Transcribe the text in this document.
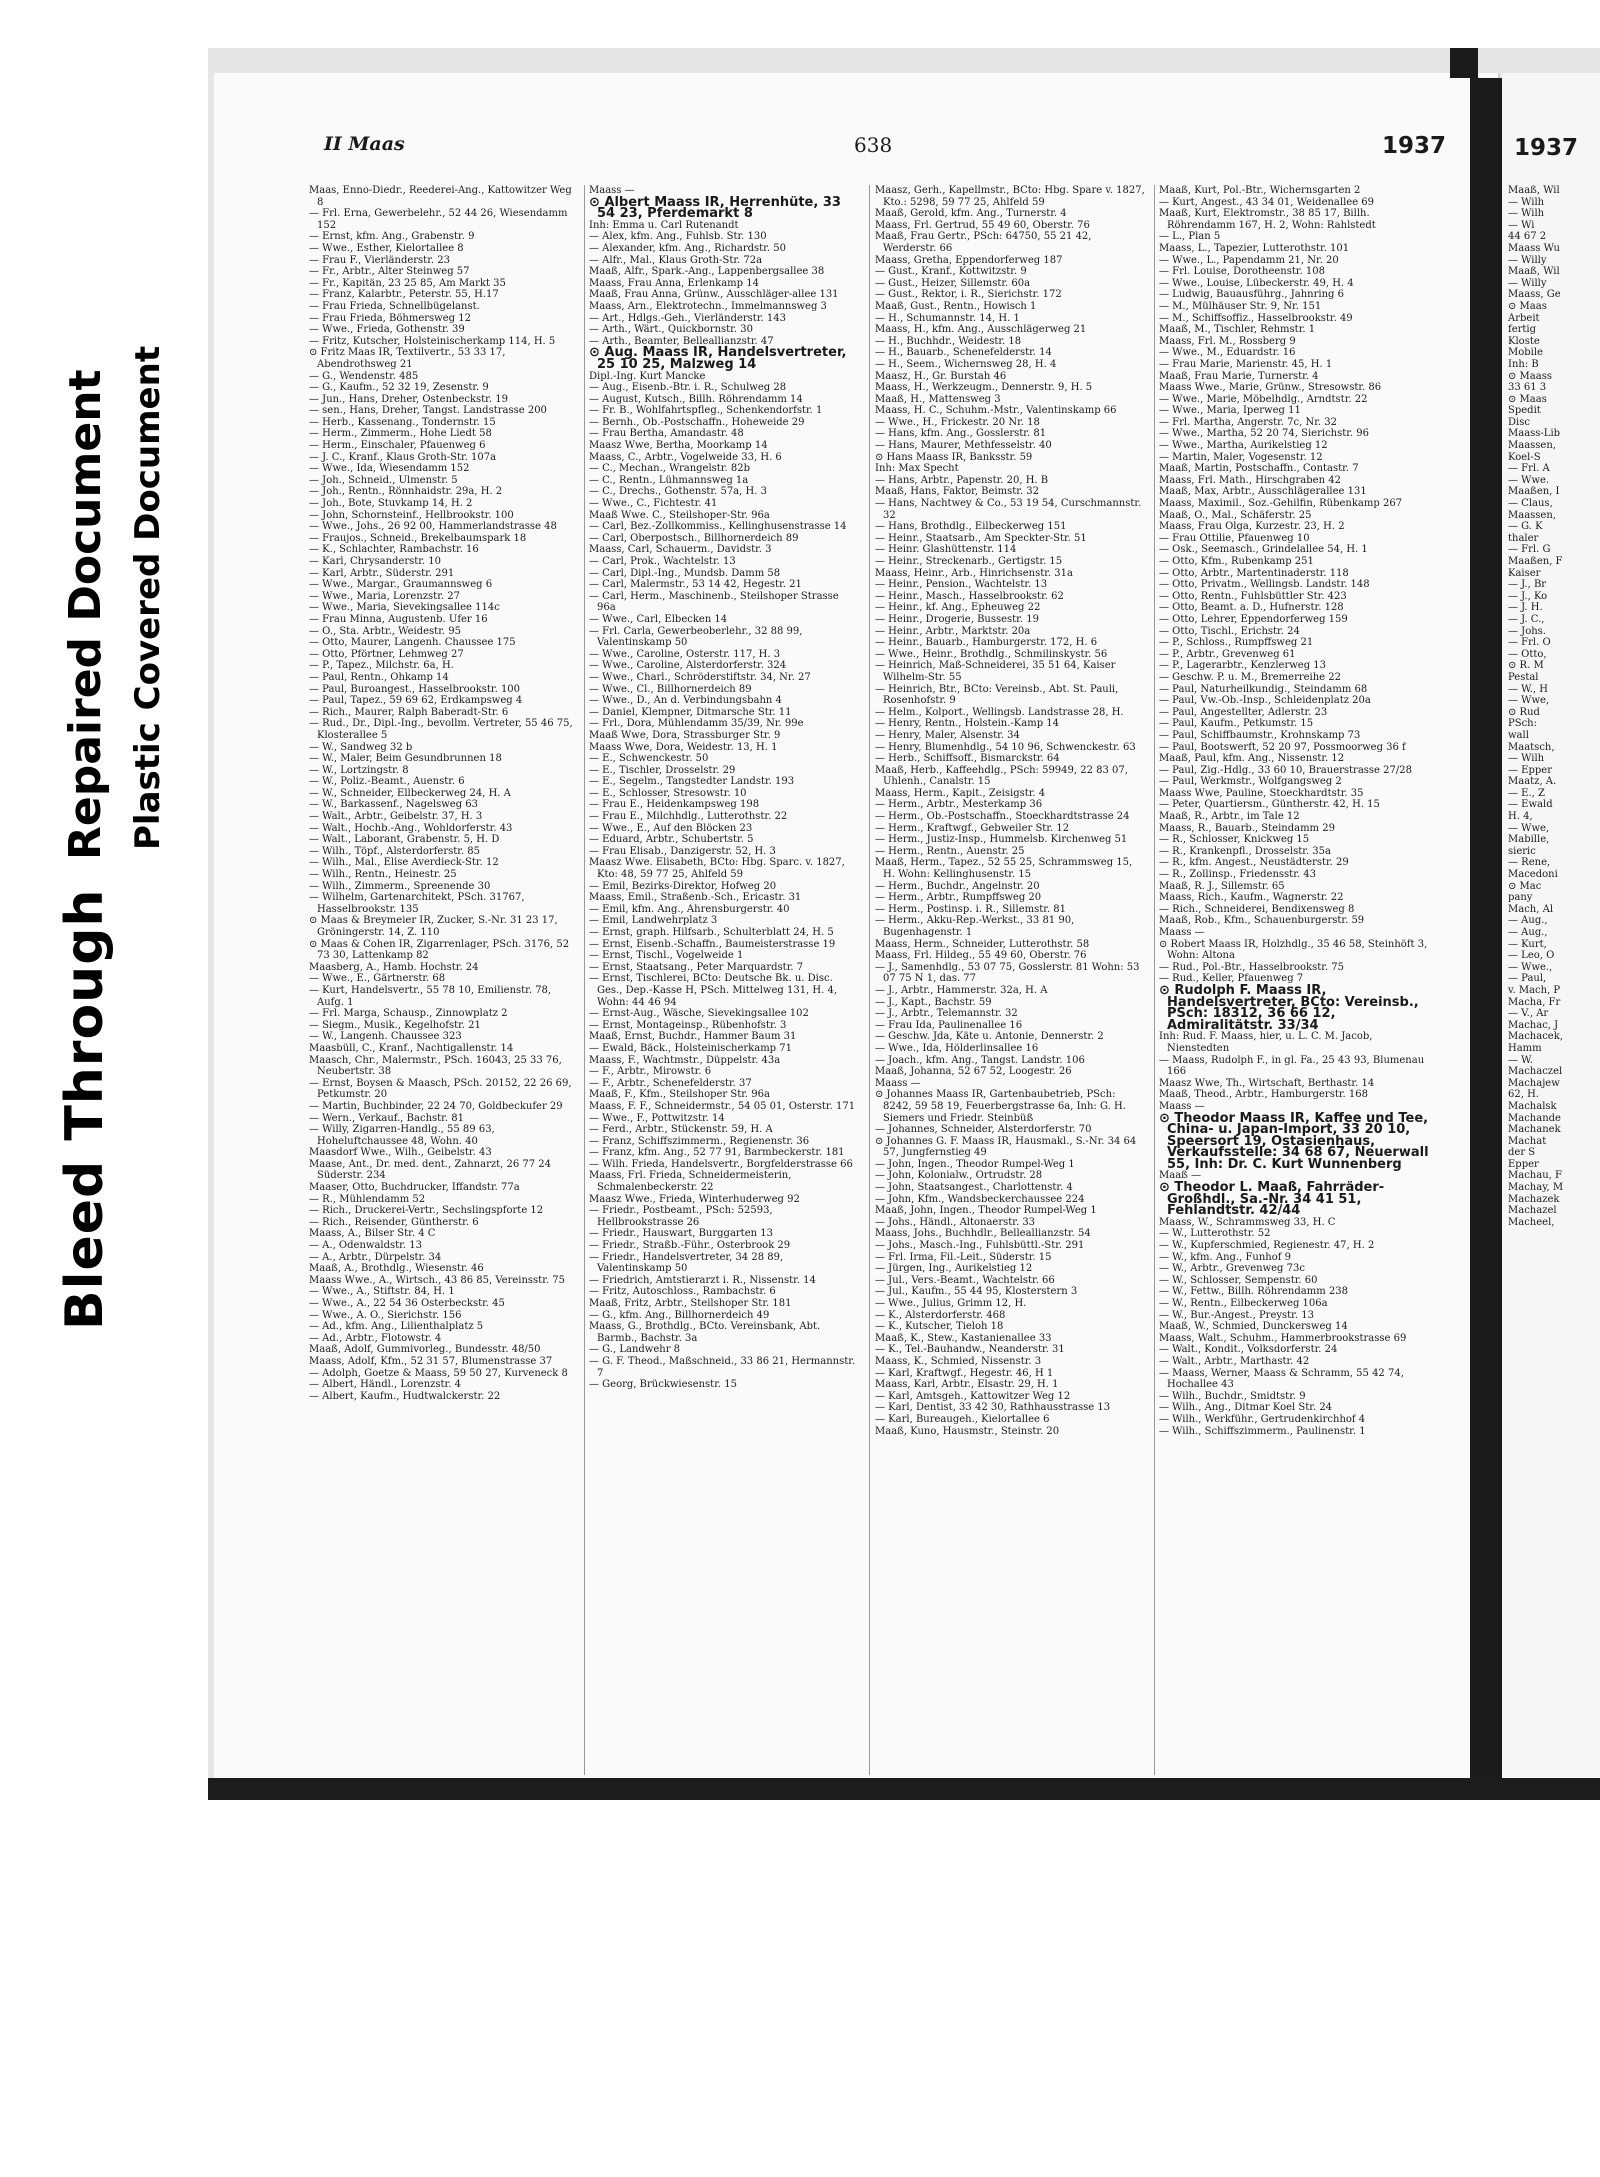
Bleed Through
Repaired Document Plastic Covered Document
II Maas	638	1937

Maas, Enno-Diedr., Reederei-Ang., Kattowitzer Weg 8

— Frl. Erna, Gewerbelehr., 52 44 26, Wiesendamm 152

— Ernst, kfm. Ang., Grabenstr. 9

— Wwe., Esther, Kielortallee 8

— Frau F., Vierländerstr. 23

— Fr., Arbtr., Alter Steinweg 57

— Fr., Kapitän, 23 25 85, Am Markt 35

— Franz, Kalarbtr., Peterstr. 55, H.17

— Frau Frieda, Schnellbügelanst.

— Frau Frieda, Böhmersweg 12

— Wwe., Frieda, Gothenstr. 39

— Fritz, Kutscher, Holsteinischerkamp 114, H. 5

⊙ Fritz Maas IR, Textilvertr., 53 33 17, Abendrothsweg 21

— G., Wendenstr. 485

— G., Kaufm., 52 32 19, Zesenstr. 9

— Jun., Hans, Dreher, Ostenbeckstr. 19

— sen., Hans, Dreher, Tangst. Landstrasse 200

— Herb., Kassenang., Tondernstr. 15

— Herm., Zimmerm., Hohe Liedt 58

— Herm., Einschaler, Pfauenweg 6

— J. C., Kranf., Klaus Groth-Str. 107a

— Wwe., Ida, Wiesendamm 152

— Joh., Schneid., Ulmenstr. 5

— Joh., Rentn., Rönnhaidstr. 29a, H. 2

— Joh., Bote, Stuvkamp 14, H. 2

— John, Schornsteinf., Hellbrookstr. 100

— Wwe., Johs., 26 92 00, Hammerlandstrasse 48

— Fraujos., Schneid., Brekelbaumspark 18

— K., Schlachter, Rambachstr. 16

— Karl, Chrysanderstr. 10

— Karl, Arbtr., Süderstr. 291

— Wwe., Margar., Graumannsweg 6

— Wwe., Maria, Lorenzstr. 27

— Wwe., Maria, Sievekingsallee 114c

— Frau Minna, Augustenb. Ufer 16

— O., Sta. Arbtr., Weidestr. 95

— Otto, Maurer, Langenh. Chaussee 175

— Otto, Pförtner, Lehmweg 27

— P., Tapez., Milchstr. 6a, H.

— Paul, Rentn., Ohkamp 14

— Paul, Buroangest., Hasselbrookstr. 100

— Paul, Tapez., 59 69 62, Erdkampsweg 4

— Rich., Maurer, Ralph Baberadt-Str. 6

— Rud., Dr., Dipl.-Ing., bevollm. Vertreter, 55 46 75, Klosterallee 5

— W., Sandweg 32 b

— W., Maler, Beim Gesundbrunnen 18

— W., Lortzingstr. 8

— W., Poliz.-Beamt., Auenstr. 6

— W., Schneider, Ellbeckerweg 24, H. A

— W., Barkassenf., Nagelsweg 63

— Walt., Arbtr., Geibelstr. 37, H. 3

— Walt., Hochb.-Ang., Wohldorferstr. 43

— Walt., Laborant, Grabenstr. 5, H. D

— Wilh., Töpf., Alsterdorferstr. 85

— Wilh., Mal., Elise Averdieck-Str. 12

— Wilh., Rentn., Heinestr. 25

— Wilh., Zimmerm., Spreenende 30

— Wilhelm, Gartenarchitekt, PSch. 31767, Hasselbrookstr. 135

⊙ Maas & Breymeier IR, Zucker, S.-Nr. 31 23 17, Gröningerstr. 14, Z. 110

⊙ Maas & Cohen IR, Zigarrenlager, PSch. 3176, 52 73 30, Lattenkamp 82

Maasberg, A., Hamb. Hochstr. 24

— Wwe., E., Gärtnerstr. 68

— Kurt, Handelsvertr., 55 78 10, Emilienstr. 78, Aufg. 1

— Frl. Marga, Schausp., Zinnowplatz 2

— Siegm., Musik., Kegelhofstr. 21

— W., Langenh. Chaussee 323

Maasbüll, C., Kranf., Nachtigallenstr. 14

Maasch, Chr., Malermstr., PSch. 16043, 25 33 76, Neubertstr. 38

— Ernst, Boysen & Maasch, PSch. 20152, 22 26 69, Petkumstr. 20

— Martin, Buchbinder, 22 24 70, Goldbeckufer 29

— Wern., Verkauf., Bachstr. 81

— Willy, Zigarren-Handlg., 55 89 63, Hoheluftchaussee 48, Wohn. 40

Maasdorf Wwe., Wilh., Geibelstr. 43

Maase, Ant., Dr. med. dent., Zahnarzt, 26 77 24 Süderstr. 234

Maaser, Otto, Buchdrucker, Iffandstr. 77a

— R., Mühlendamm 52

— Rich., Druckerei-Vertr., Sechslingspforte 12

— Rich., Reisender, Güntherstr. 6

Maass, A., Bilser Str. 4 C

— A., Odenwaldstr. 13

— A., Arbtr., Dürpelstr. 34

Maaß, A., Brothdlg., Wiesenstr. 46

Maass Wwe., A., Wirtsch., 43 86 85, Vereinsstr. 75

— Wwe., A., Stiftstr. 84, H. 1

— Wwe., A., 22 54 36 Osterbeckstr. 45

— Wwe., A. O., Sierichstr. 156

— Ad., kfm. Ang., Lilienthalplatz 5

— Ad., Arbtr., Flotowstr. 4

Maaß, Adolf, Gummivorleg., Bundesstr. 48/50

Maass, Adolf, Kfm., 52 31 57, Blumenstrasse 37

— Adolph, Goetze & Maass, 59 50 27, Kurveneck 8

— Albert, Händl., Lorenzstr. 4

— Albert, Kaufm., Hudtwalckerstr. 22

Maass —

⊙ Albert Maass IR, Herrenhüte, 33 54 23, Pferdemarkt 8

Inh: Emma u. Carl Rutenandt

— Alex, kfm. Ang., Fuhlsb. Str. 130

— Alexander, kfm. Ang., Richardstr. 50

— Alfr., Mal., Klaus Groth-Str. 72a

Maaß, Alfr., Spark.-Ang., Lappenbergsallee 38

Maass, Frau Anna, Erlenkamp 14

Maaß, Frau Anna, Grünw., Ausschläger-allee 131

Maass, Arn., Elektrotechn., Immelmannsweg 3

— Art., Hdlgs.-Geh., Vierländerstr. 143

— Arth., Wärt., Quickbornstr. 30

— Arth., Beamter, Belleallianzstr. 47

⊙ Aug. Maass IR, Handelsvertreter, 25 10 25, Malzweg 14

Dipl.-Ing. Kurt Mancke

— Aug., Eisenb.-Btr. i. R., Schulweg 28

— August, Kutsch., Billh. Röhrendamm 14

— Fr. B., Wohlfahrtspfleg., Schenkendorfstr. 1

— Bernh., Ob.-Postschaffn., Hoheweide 29

— Frau Bertha, Amandastr. 48

Maasz Wwe, Bertha, Moorkamp 14

Maass, C., Arbtr., Vogelweide 33, H. 6

— C., Mechan., Wrangelstr. 82b

— C., Rentn., Lühmannsweg 1a

— C., Drechs., Gothenstr. 57a, H. 3

— Wwe., C., Fichtestr. 41

Maaß Wwe. C., Steilshoper-Str. 96a

— Carl, Bez.-Zollkommiss., Kellinghusenstrasse 14

— Carl, Oberpostsch., Billhornerdeich 89

Maass, Carl, Schauerm., Davidstr. 3

— Carl, Prok., Wachtelstr. 13

— Carl, Dipl.-Ing., Mundsb. Damm 58

— Carl, Malermstr., 53 14 42, Hegestr. 21

— Carl, Herm., Maschinenb., Steilshoper Strasse 96a

— Wwe., Carl, Elbecken 14

— Frl. Carla, Gewerbeoberlehr., 32 88 99, Valentinskamp 50

— Wwe., Caroline, Osterstr. 117, H. 3

— Wwe., Caroline, Alsterdorferstr. 324

— Wwe., Charl., Schröderstiftstr. 34, Nr. 27

— Wwe., Cl., Billhornerdeich 89

— Wwe., D., An d. Verbindungsbahn 4

— Daniel, Klempner, Ditmarsche Str. 11

— Frl., Dora, Mühlendamm 35/39, Nr. 99e

Maaß Wwe, Dora, Strassburger Str. 9

Maass Wwe, Dora, Weidestr. 13, H. 1

— E., Schwenckestr. 50

— E., Tischler, Drosselstr. 29

— E., Segelm., Tangstedter Landstr. 193

— E., Schlosser, Stresowstr. 10

— Frau E., Heidenkampsweg 198

— Frau E., Milchhdlg., Lutterothstr. 22

— Wwe., E., Auf den Blöcken 23

— Eduard, Arbtr., Schubertstr. 5

— Frau Elisab., Danzigerstr. 52, H. 3

Maasz Wwe. Elisabeth, BCto: Hbg. Sparc. v. 1827, Kto: 48, 59 77 25, Ahlfeld 59

— Emil, Bezirks-Direktor, Hofweg 20

Maass, Emil., Straßenb.-Sch., Ericastr. 31

— Emil, kfm. Ang., Ahrensburgerstr. 40

— Emil, Landwehrplatz 3

— Ernst, graph. Hilfsarb., Schulterblatt 24, H. 5

— Ernst, Eisenb.-Schaffn., Baumeisterstrasse 19

— Ernst, Tischl., Vogelweide 1

— Ernst, Staatsang., Peter Marquardstr. 7

— Ernst, Tischlerei, BCto: Deutsche Bk. u. Disc. Ges., Dep.-Kasse H, PSch. Mittelweg 131, H. 4, Wohn: 44 46 94

— Ernst-Aug., Wäsche, Sievekingsallee 102

— Ernst, Montageinsp., Rübenhofstr. 3

Maaß, Ernst, Buchdr., Hammer Baum 31

— Ewald, Bäck., Holsteinischerkamp 71

Maass, F., Wachtmstr., Düppelstr. 43a

— F., Arbtr., Mirowstr. 6

— F., Arbtr., Schenefelderstr. 37

Maaß, F., Kfm., Steilshoper Str. 96a

Maass, F. F., Schneidermstr., 54 05 01, Osterstr. 171

— Wwe., F., Pottwitzstr. 14

— Ferd., Arbtr., Stückenstr. 59, H. A

— Franz, Schiffszimmerm., Regienenstr. 36

— Franz, kfm. Ang., 52 77 91, Barmbeckerstr. 181

— Wilh. Frieda, Handelsvertr., Borgfelderstrasse 66

Maass, Frl. Frieda, Schneidermeisterin, Schmalenbeckerstr. 22

Maasz Wwe., Frieda, Winterhuderweg 92

— Friedr., Postbeamt., PSch: 52593, Hellbrookstrasse 26

— Friedr., Hauswart, Burggarten 13

— Friedr., Straßb.-Führ., Osterbrook 29

— Friedr., Handelsvertreter, 34 28 89, Valentinskamp 50

— Friedrich, Amtstierarzt i. R., Nissenstr. 14

— Fritz, Autoschloss., Rambachstr. 6

Maaß, Fritz, Arbtr., Steilshoper Str. 181

— G., kfm. Ang., Billhornerdeich 49

Maass, G., Brothdlg., BCto. Vereinsbank, Abt. Barmb., Bachstr. 3a

— G., Landwehr 8

— G. F. Theod., Maßschneid., 33 86 21, Hermannstr. 7

— Georg, Brückwiesenstr. 15

Maasz, Gerh., Kapellmstr., BCto: Hbg. Spare v. 1827, Kto.: 5298, 59 77 25, Ahlfeld 59

Maaß, Gerold, kfm. Ang., Turnerstr. 4

Maass, Frl. Gertrud, 55 49 60, Oberstr. 76

Maaß, Frau Gertr., PSch: 64750, 55 21 42, Werderstr. 66

Maass, Gretha, Eppendorferweg 187

— Gust., Kranf., Kottwitzstr. 9

— Gust., Heizer, Sillemstr. 60a

— Gust., Rektor, i. R., Sierichstr. 172

Maaß, Gust., Rentn., Howisch 1

— H., Schumannstr. 14, H. 1

Maass, H., kfm. Ang., Ausschlägerweg 21

— H., Buchhdr., Weidestr. 18

— H., Bauarb., Schenefelderstr. 14

— H., Seem., Wichernsweg 28, H. 4

Maasz, H., Gr. Burstah 46

Maass, H., Werkzeugm., Dennerstr. 9, H. 5

Maaß, H., Mattensweg 3

Maass, H. C., Schuhm.-Mstr., Valentinskamp 66

— Wwe., H., Frickestr. 20 Nr. 18

— Hans, kfm. Ang., Gosslerstr. 81

— Hans, Maurer, Methfesselstr. 40

⊙ Hans Maass IR, Banksstr. 59

Inh: Max Specht

— Hans, Arbtr., Papenstr. 20, H. B

Maaß, Hans, Faktor, Beimstr. 32

— Hans, Nachtwey & Co., 53 19 54, Curschmannstr. 32

— Hans, Brothdlg., Eilbeckerweg 151

— Heinr., Staatsarb., Am Speckter-Str. 51

— Heinr. Glashüttenstr. 114

— Heinr., Streckenarb., Gertigstr. 15

Maass, Heinr., Arb., Hinrichsenstr. 31a

— Heinr., Pension., Wachtelstr. 13

— Heinr., Masch., Hasselbrookstr. 62

— Heinr., kf. Ang., Epheuweg 22

— Heinr., Drogerie, Bussestr. 19

— Heinr., Arbtr., Marktstr. 20a

— Heinr., Bauarb., Hamburgerstr. 172, H. 6

— Wwe., Heinr., Brothdlg., Schmilinskystr. 56

— Heinrich, Maß-Schneiderei, 35 51 64, Kaiser Wilhelm-Str. 55

— Heinrich, Btr., BCto: Vereinsb., Abt. St. Pauli, Rosenhofstr. 9

— Helm., Kolport., Wellingsb. Landstrasse 28, H.

— Henry, Rentn., Holstein.-Kamp 14

— Henry, Maler, Alsenstr. 34

— Henry, Blumenhdlg., 54 10 96, Schwenckestr. 63

— Herb., Schiffsoff., Bismarckstr. 64

Maaß, Herb., Kaffeehdlg., PSch: 59949, 22 83 07, Uhlenh., Canalstr. 15

Maass, Herm., Kapit., Zeisigstr. 4

— Herm., Arbtr., Mesterkamp 36

— Herm., Ob.-Postschaffn., Stoeckhardtstrasse 24

— Herm., Kraftwgf., Gebweiler Str. 12

— Herm., Justiz-Insp., Hummelsb. Kirchenweg 51

— Herm., Rentn., Auenstr. 25

Maaß, Herm., Tapez., 52 55 25, Schrammsweg 15, H. Wohn: Kellinghusenstr. 15

— Herm., Buchdr., Angelnstr. 20

— Herm., Arbtr., Rumpffsweg 20

— Herm., Postinsp. i. R., Sillemstr. 81

— Herm., Akku-Rep.-Werkst., 33 81 90, Bugenhagenstr. 1

Maass, Herm., Schneider, Lutterothstr. 58

Maass, Frl. Hildeg., 55 49 60, Oberstr. 76

— J., Samenhdlg., 53 07 75, Gosslerstr. 81 Wohn: 53 07 75 N 1, das. 77

— J., Arbtr., Hammerstr. 32a, H. A

— J., Kapt., Bachstr. 59

— J., Arbtr., Telemannstr. 32

— Frau Ida, Paulinenallee 16

— Geschw. Jda, Käte u. Antonie, Dennerstr. 2

— Wwe., Ida, Hölderlinsallee 16

— Joach., kfm. Ang., Tangst. Landstr. 106

Maaß, Johanna, 52 67 52, Loogestr. 26

Maass —

⊙ Johannes Maass IR, Gartenbaubetrieb, PSch: 8242, 59 58 19, Feuerbergstrasse 6a, Inh: G. H. Siemers und Friedr. Steinbüß

— Johannes, Schneider, Alsterdorferstr. 70

⊙ Johannes G. F. Maass IR, Hausmakl., S.-Nr. 34 64 57, Jungfernstieg 49

— John, Ingen., Theodor Rumpel-Weg 1

— John, Kolonialw., Ortrudstr. 28

— John, Staatsangest., Charlottenstr. 4

— John, Kfm., Wandsbeckerchaussee 224

Maaß, John, Ingen., Theodor Rumpel-Weg 1

— Johs., Händl., Altonaerstr. 33

Maass, Johs., Buchhdlr., Belleallianzstr. 54

— Johs., Masch.-Ing., Fuhlsbüttl.-Str. 291

— Frl. Irma, Fil.-Leit., Süderstr. 15

— Jürgen, Ing., Aurikelstieg 12

— Jul., Vers.-Beamt., Wachtelstr. 66

— Jul., Kaufm., 55 44 95, Klosterstern 3

— Wwe., Julius, Grimm 12, H.

— K., Alsterdorferstr. 468

— K., Kutscher, Tieloh 18

Maaß, K., Stew., Kastanienallee 33

— K., Tel.-Bauhandw., Neanderstr. 31

Maass, K., Schmied, Nissenstr. 3

— Karl, Kraftwgf., Hegestr. 46, H 1

Maass, Karl, Arbtr., Elsastr. 29, H. 1

— Karl, Amtsgeh., Kattowitzer Weg 12

— Karl, Dentist, 33 42 30, Rathhausstrasse 13

— Karl, Bureaugeh., Kielortallee 6

Maaß, Kuno, Hausmstr., Steinstr. 20

Maaß, Kurt, Pol.-Btr., Wichernsgarten 2

— Kurt, Angest., 43 34 01, Weidenallee 69

Maaß, Kurt, Elektromstr., 38 85 17, Billh. Röhrendamm 167, H. 2, Wohn: Rahlstedt

— L., Plan 5

Maass, L., Tapezier, Lutterothstr. 101

— Wwe., L., Papendamm 21, Nr. 20

— Frl. Louise, Dorotheenstr. 108

— Wwe., Louise, Lübeckerstr. 49, H. 4

— Ludwig, Bauausführg., Jahnring 6

— M., Mülhäuser Str. 9, Nr. 151

— M., Schiffsoffiz., Hasselbrookstr. 49

Maaß, M., Tischler, Rehmstr. 1

Maass, Frl. M., Rossberg 9

— Wwe., M., Eduardstr. 16

— Frau Marie, Marienstr. 45, H. 1

Maaß, Frau Marie, Turnerstr. 4

Maass Wwe., Marie, Grünw., Stresowstr. 86

— Wwe., Marie, Möbelhdlg., Arndtstr. 22

— Wwe., Maria, Iperweg 11

— Frl. Martha, Angerstr. 7c, Nr. 32

— Wwe., Martha, 52 20 74, Sierichstr. 96

— Wwe., Martha, Aurikelstieg 12

— Martin, Maler, Vogesenstr. 12

Maaß, Martin, Postschaffn., Contastr. 7

Maass, Frl. Math., Hirschgraben 42

Maaß, Max, Arbtr., Ausschlägerallee 131

Maass, Maximil., Soz.-Gehilfin, Rübenkamp 267

Maaß, O., Mal., Schäferstr. 25

Maass, Frau Olga, Kurzestr. 23, H. 2

— Frau Ottilie, Pfauenweg 10

— Osk., Seemasch., Grindelallee 54, H. 1

— Otto, Kfm., Rubenkamp 251

— Otto, Arbtr., Martentinaderstr. 118

— Otto, Privatm., Wellingsb. Landstr. 148

— Otto, Rentn., Fuhlsbüttler Str. 423

— Otto, Beamt. a. D., Hufnerstr. 128

— Otto, Lehrer, Eppendorferweg 159

— Otto, Tischl., Erichstr. 24

— P., Schloss., Rumpffsweg 21

— P., Arbtr., Grevenweg 61

— P., Lagerarbtr., Kenzlerweg 13

— Geschw. P. u. M., Bremerreihe 22

— Paul, Naturheilkundig., Steindamm 68

— Paul, Vw.-Ob.-Insp., Schleidenplatz 20a

— Paul, Angestellter, Adlerstr. 23

— Paul, Kaufm., Petkumstr. 15

— Paul, Schiffbaumstr., Krohnskamp 73

— Paul, Bootswerft, 52 20 97, Possmoorweg 36 f

Maaß, Paul, kfm. Ang., Nissenstr. 12

— Paul, Zig.-Hdlg., 33 60 10, Brauerstrasse 27/28

— Paul, Werkmstr., Wolfgangsweg 2

Maass Wwe, Pauline, Stoeckhardtstr. 35

— Peter, Quartiersm., Güntherstr. 42, H. 15

Maaß, R., Arbtr., im Tale 12

Maass, R., Bauarb., Steindamm 29

— R., Schlosser, Knickweg 15

— R., Krankenpfl., Drosselstr. 35a

— R., kfm. Angest., Neustädterstr. 29

— R., Zollinsp., Friedensstr. 43

Maaß, R. J., Sillemstr. 65

Maass, Rich., Kaufm., Wagnerstr. 22

— Rich., Schneiderei, Bendixensweg 8

Maaß, Rob., Kfm., Schauenburgerstr. 59

Maass —

⊙ Robert Maass IR, Holzhdlg., 35 46 58, Steinhöft 3, Wohn: Altona

— Rud., Pol.-Btr., Hasselbrookstr. 75

— Rud., Keller, Pfauenweg 7

⊙ Rudolph F. Maass IR, Handelsvertreter, BCto: Vereinsb., PSch: 18312, 36 66 12, Admiralitätstr. 33/34

Inh: Rud. F. Maass, hier, u. L. C. M. Jacob, Nienstedten

— Maass, Rudolph F., in gl. Fa., 25 43 93, Blumenau 166

Maasz Wwe, Th., Wirtschaft, Berthastr. 14

Maaß, Theod., Arbtr., Hamburgerstr. 168

Maass —

⊙ Theodor Maass IR, Kaffee und Tee, China- u. Japan-Import, 33 20 10, Speersort 19, Ostasienhaus, Verkaufsstelle: 34 68 67, Neuerwall 55, Inh: Dr. C. Kurt Wunnenberg

Maaß —

⊙ Theodor L. Maaß, Fahrräder-Großhdl., Sa.-Nr. 34 41 51, Fehlandtstr. 42/44

Maass, W., Schrammsweg 33, H. C

— W., Lutterothstr. 52

— W., Kupferschmied, Regienestr. 47, H. 2

— W., kfm. Ang., Funhof 9

— W., Arbtr., Grevenweg 73c

— W., Schlosser, Sempenstr. 60

— W., Fettw., Billh. Röhrendamm 238

— W., Rentn., Eilbeckerweg 106a

— W., Bur.-Angest., Preystr. 13

Maaß, W., Schmied, Dunckersweg 14

Maass, Walt., Schuhm., Hammerbrookstrasse 69

— Walt., Kondit., Volksdorferstr. 24

— Walt., Arbtr., Marthastr. 42

— Maass, Werner, Maass & Schramm, 55 42 74, Hochallee 43

— Wilh., Buchdr., Smidtstr. 9

— Wilh., Ang., Ditmar Koel Str. 24

— Wilh., Werkführ., Gertrudenkirchhof 4

— Wilh., Schiffszimmerm., Paulinenstr. 1

1937

Maaß, Wil

— Wilh

— Wilh

— Wi

44 67 2

Maass Wu

— Willy

Maaß, Wil

— Willy

Maass, Ge

⊙ Maas

Arbeit

fertig

Kloste

Mobile

Inh: B

⊙ Maass

33 61 3

⊙ Maas

Spedit

Disc

Maass-Lib

Maassen,

Koel-S

— Frl. A

— Wwe.

Maaßen, I

— Claus,

Maassen,

— G. K

thaler

— Frl. G

Maaßen, F

Kaiser

— J., Br

— J., Ko

— J. H.

— J. C.,

— Johs.

— Frl. O

— Otto,

⊙ R. M

Pestal

— W., H

— Wwe,

⊙ Rud

PSch:

wall

Maatsch,

— Wilh

— Epper

Maatz, A.

— E., Z

— Ewald

H. 4,

— Wwe,

Mabille,

sieric

— Rene,

Macedoni

⊙ Mac

pany

Mach, Al

— Aug.,

— Aug.,

— Kurt,

— Leo, O

— Wwe.,

— Paul,

v. Mach, P

Macha, Fr

— V., Ar

Machac, J

Machacek,

Hamm

— W.

Machaczel

Machajew

62, H.

Machalsk

Machande

Machanek

Machat

der S

Epper

Machau, F

Machay, M

Machazek

Machazel

Macheel,
